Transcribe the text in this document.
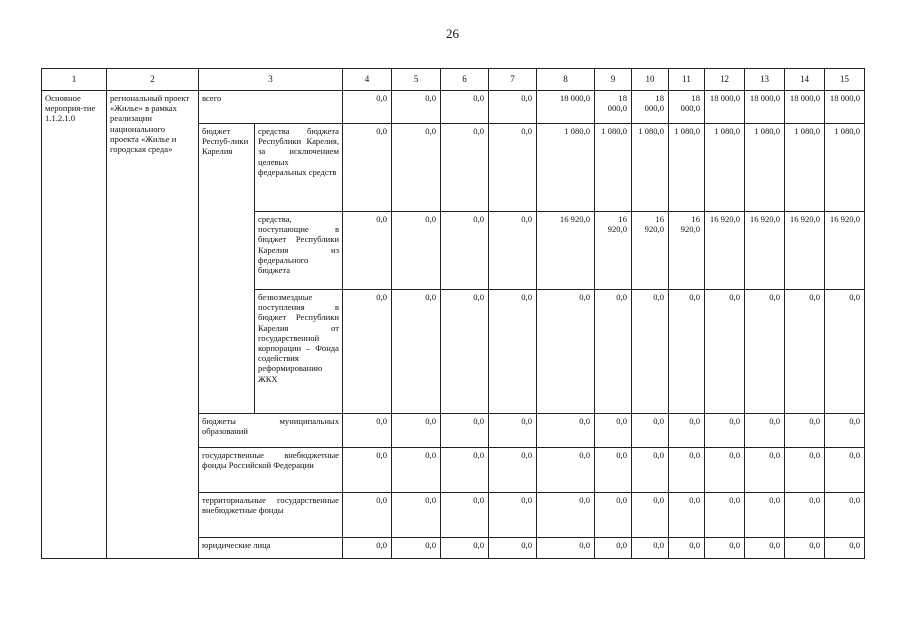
26
1	2	3		4	5	6	7	8	9	10	11	12	13	14	15
Основное мероприя-тие 1.1.2.1.0	региональный проект «Жилье» в рамках реализации национального проекта «Жилье и городская среда»	всего		0,0	0,0	0,0	0,0	18 000,0	18 000,0	18 000,0	18 000,0	18 000,0	18 000,0	18 000,0	18 000,0
		бюджет Респуб-лики Карелия	средства бюджета Республики Карелия, за исключением целевых федеральных средств	0,0	0,0	0,0	0,0	1 080,0	1 080,0	1 080,0	1 080,0	1 080,0	1 080,0	1 080,0	1 080,0
			средства, поступающие в бюджет Республики Карелия из федерального бюджета	0,0	0,0	0,0	0,0	16 920,0	16 920,0	16 920,0	16 920,0	16 920,0	16 920,0	16 920,0	16 920,0
			безвозмездные поступления в бюджет Республики Карелия от государственной корпорации – Фонда содействия реформированию ЖКХ	0,0	0,0	0,0	0,0	0,0	0,0	0,0	0,0	0,0	0,0	0,0	0,0
		бюджеты муниципальных образований		0,0	0,0	0,0	0,0	0,0	0,0	0,0	0,0	0,0	0,0	0,0	0,0
		государственные внебюджетные фонды Российской Федерации		0,0	0,0	0,0	0,0	0,0	0,0	0,0	0,0	0,0	0,0	0,0	0,0
		территориальные государственные внебюджетные фонды		0,0	0,0	0,0	0,0	0,0	0,0	0,0	0,0	0,0	0,0	0,0	0,0
		юридические лица		0,0	0,0	0,0	0,0	0,0	0,0	0,0	0,0	0,0	0,0	0,0	0,0
